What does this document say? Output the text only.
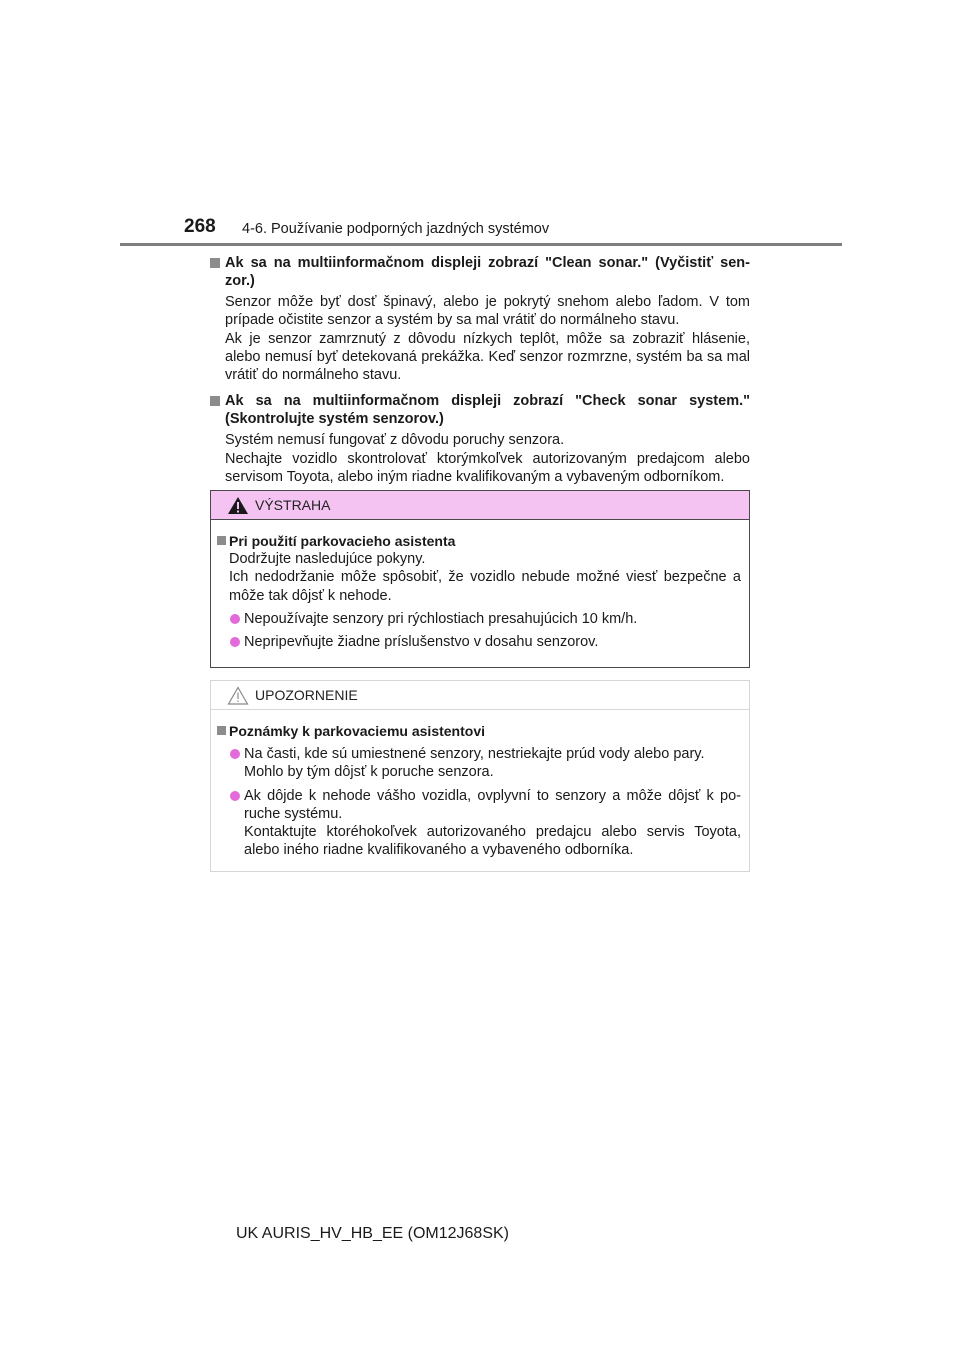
268 4-6. Používanie podporných jazdných systémov
Ak sa na multiinformačnom displeji zobrazí "Clean sonar." (Vyčistiť sen-zor.)

Senzor môže byť dosť špinavý, alebo je pokrytý snehom alebo ľadom. V tom prípade očistite senzor a systém by sa mal vrátiť do normálneho stavu.

Ak je senzor zamrznutý z dôvodu nízkych teplôt, môže sa zobraziť hlásenie, alebo nemusí byť detekovaná prekážka. Keď senzor rozmrzne, systém ba sa mal vrátiť do normálneho stavu.

Ak sa na multiinformačnom displeji zobrazí "Check sonar system." (Skontrolujte systém senzorov.)

Systém nemusí fungovať z dôvodu poruchy senzora.

Nechajte vozidlo skontrolovať ktorýmkoľvek autorizovaným predajcom alebo servisom Toyota, alebo iným riadne kvalifikovaným a vybaveným odborníkom.

VÝSTRAHA
Pri použití parkovacieho asistenta

Dodržujte nasledujúce pokyny.

Ich nedodržanie môže spôsobiť, že vozidlo nebude možné viesť bezpečne a môže tak dôjsť k nehode.

Nepoužívajte senzory pri rýchlostiach presahujúcich 10 km/h.

Nepripevňujte žiadne príslušenstvo v dosahu senzorov.

UPOZORNENIE
Poznámky k parkovaciemu asistentovi

Na časti, kde sú umiestnené senzory, nestriekajte prúd vody alebo pary.

Mohlo by tým dôjsť k poruche senzora.

Ak dôjde k nehode vášho vozidla, ovplyvní to senzory a môže dôjsť k po-ruche systému.

Kontaktujte ktoréhokoľvek autorizovaného predajcu alebo servis Toyota, alebo iného riadne kvalifikovaného a vybaveného odborníka.

UK AURIS_HV_HB_EE (OM12J68SK)
